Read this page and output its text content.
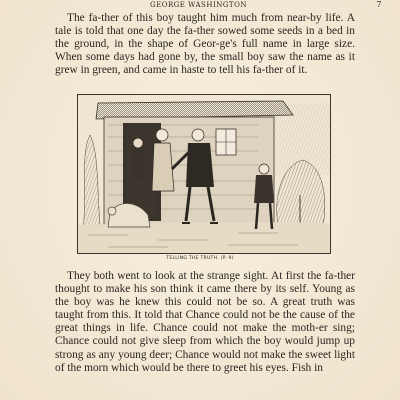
GEORGE WASHINGTON	7

The fa-ther of this boy taught him much from near-by life. A tale is told that one day the fa-ther sowed some seeds in a bed in the ground, in the shape of Geor-ge's full name in large size. When some days had gone by, the small boy saw the name as it grew in green, and came in haste to tell his fa-ther of it.

TELLING THE TRUTH. (P. 9)

They both went to look at the strange sight. At first the fa-ther thought to make his son think it came there by its self. Young as the boy was he knew this could not be so. A great truth was taught from this. It told that Chance could not be the cause of the great things in life. Chance could not make the moth-er sing; Chance could not give sleep from which the boy would jump up strong as any young deer; Chance would not make the sweet light of the morn which would be there to greet his eyes. Fish in
